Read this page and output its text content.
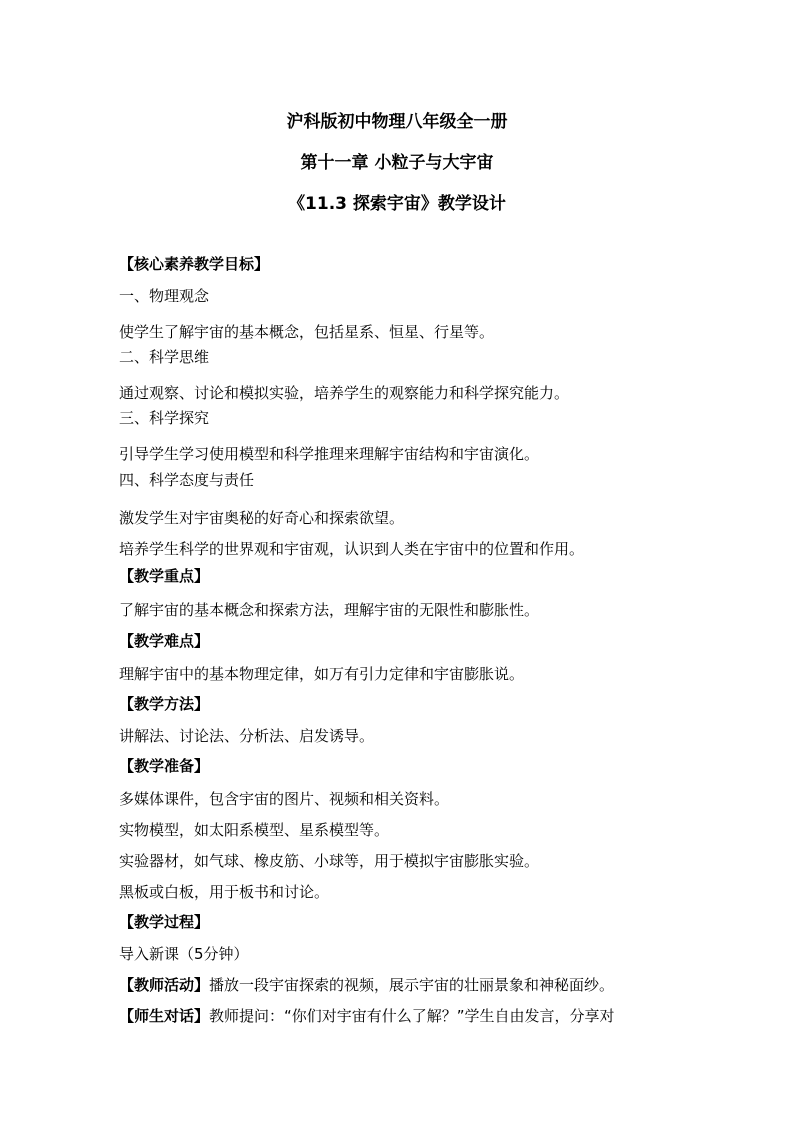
沪科版初中物理八年级全一册
第十一章 小粒子与大宇宙
《11.3 探索宇宙》教学设计
【核心素养教学目标】
一、物理观念
使学生了解宇宙的基本概念，包括星系、恒星、行星等。
二、科学思维
通过观察、讨论和模拟实验，培养学生的观察能力和科学探究能力。
三、科学探究
引导学生学习使用模型和科学推理来理解宇宙结构和宇宙演化。
四、科学态度与责任
激发学生对宇宙奥秘的好奇心和探索欲望。
培养学生科学的世界观和宇宙观，认识到人类在宇宙中的位置和作用。
【教学重点】
了解宇宙的基本概念和探索方法，理解宇宙的无限性和膨胀性。
【教学难点】
理解宇宙中的基本物理定律，如万有引力定律和宇宙膨胀说。
【教学方法】
讲解法、讨论法、分析法、启发诱导。
【教学准备】
多媒体课件，包含宇宙的图片、视频和相关资料。
实物模型，如太阳系模型、星系模型等。
实验器材，如气球、橡皮筋、小球等，用于模拟宇宙膨胀实验。
黑板或白板，用于板书和讨论。
【教学过程】
导入新课（5分钟）
【教师活动】播放一段宇宙探索的视频，展示宇宙的壮丽景象和神秘面纱。
【师生对话】教师提问：“你们对宇宙有什么了解？”学生自由发言，分享对
